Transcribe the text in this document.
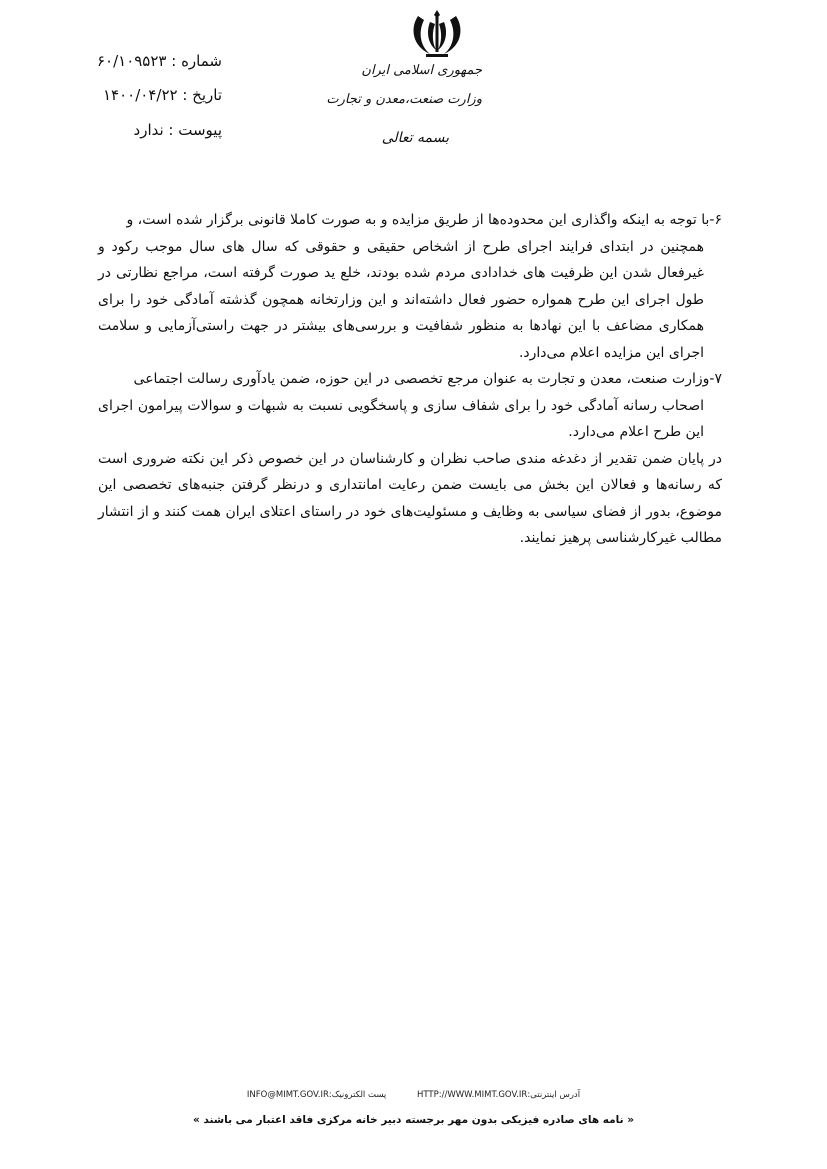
جمهوری اسلامی ایران
وزارت صنعت،معدن و تجارت
بسمه تعالی
شماره : ۶۰/۱۰۹۵۲۳
تاریخ : ۱۴۰۰/۰۴/۲۲
پیوست : ندارد

۶-با توجه به اینکه واگذاری این محدوده‌ها از طریق مزایده و به صورت کاملا قانونی برگزار شده است، و
همچنین در ابتدای فرایند اجرای طرح از اشخاص حقیقی و حقوقی که سال های سال موجب رکود و غیرفعال شدن این ظرفیت های خدادادی مردم شده بودند، خلع ید صورت گرفته است، مراجع نظارتی در طول اجرای این طرح همواره حضور فعال داشته‌اند و این وزارتخانه همچون گذشته آمادگی خود را برای همکاری مضاعف با این نهادها به منظور شفافیت و بررسی‌های بیشتر در جهت راستی‌آزمایی و سلامت اجرای این مزایده اعلام می‌دارد.

۷-وزارت صنعت، معدن و تجارت به عنوان مرجع تخصصی در این حوزه، ضمن یادآوری رسالت اجتماعی
اصحاب رسانه آمادگی خود را برای شفاف سازی و پاسخگویی نسبت به شبهات و سوالات پیرامون اجرای این طرح اعلام می‌دارد.

در پایان ضمن تقدیر از دغدغه مندی صاحب نظران و کارشناسان در این خصوص ذکر این نکته ضروری است که رسانه‌ها و فعالان این بخش می بایست ضمن رعایت امانتداری و درنظر گرفتن جنبه‌های تخصصی این موضوع، بدور از فضای سیاسی به وظایف و مسئولیت‌های خود در راستای اعتلای ایران همت کنند و از انتشار مطالب غیرکارشناسی پرهیز نمایند.

آدرس اینترنتی:HTTP://WWW.MIMT.GOV.IR پست الکترونیک:INFO@MIMT.GOV.IR
« نامه های صادره فیزیکی بدون مهر برجسته دبیر خانه مرکزی فاقد اعتبار می باشند »
